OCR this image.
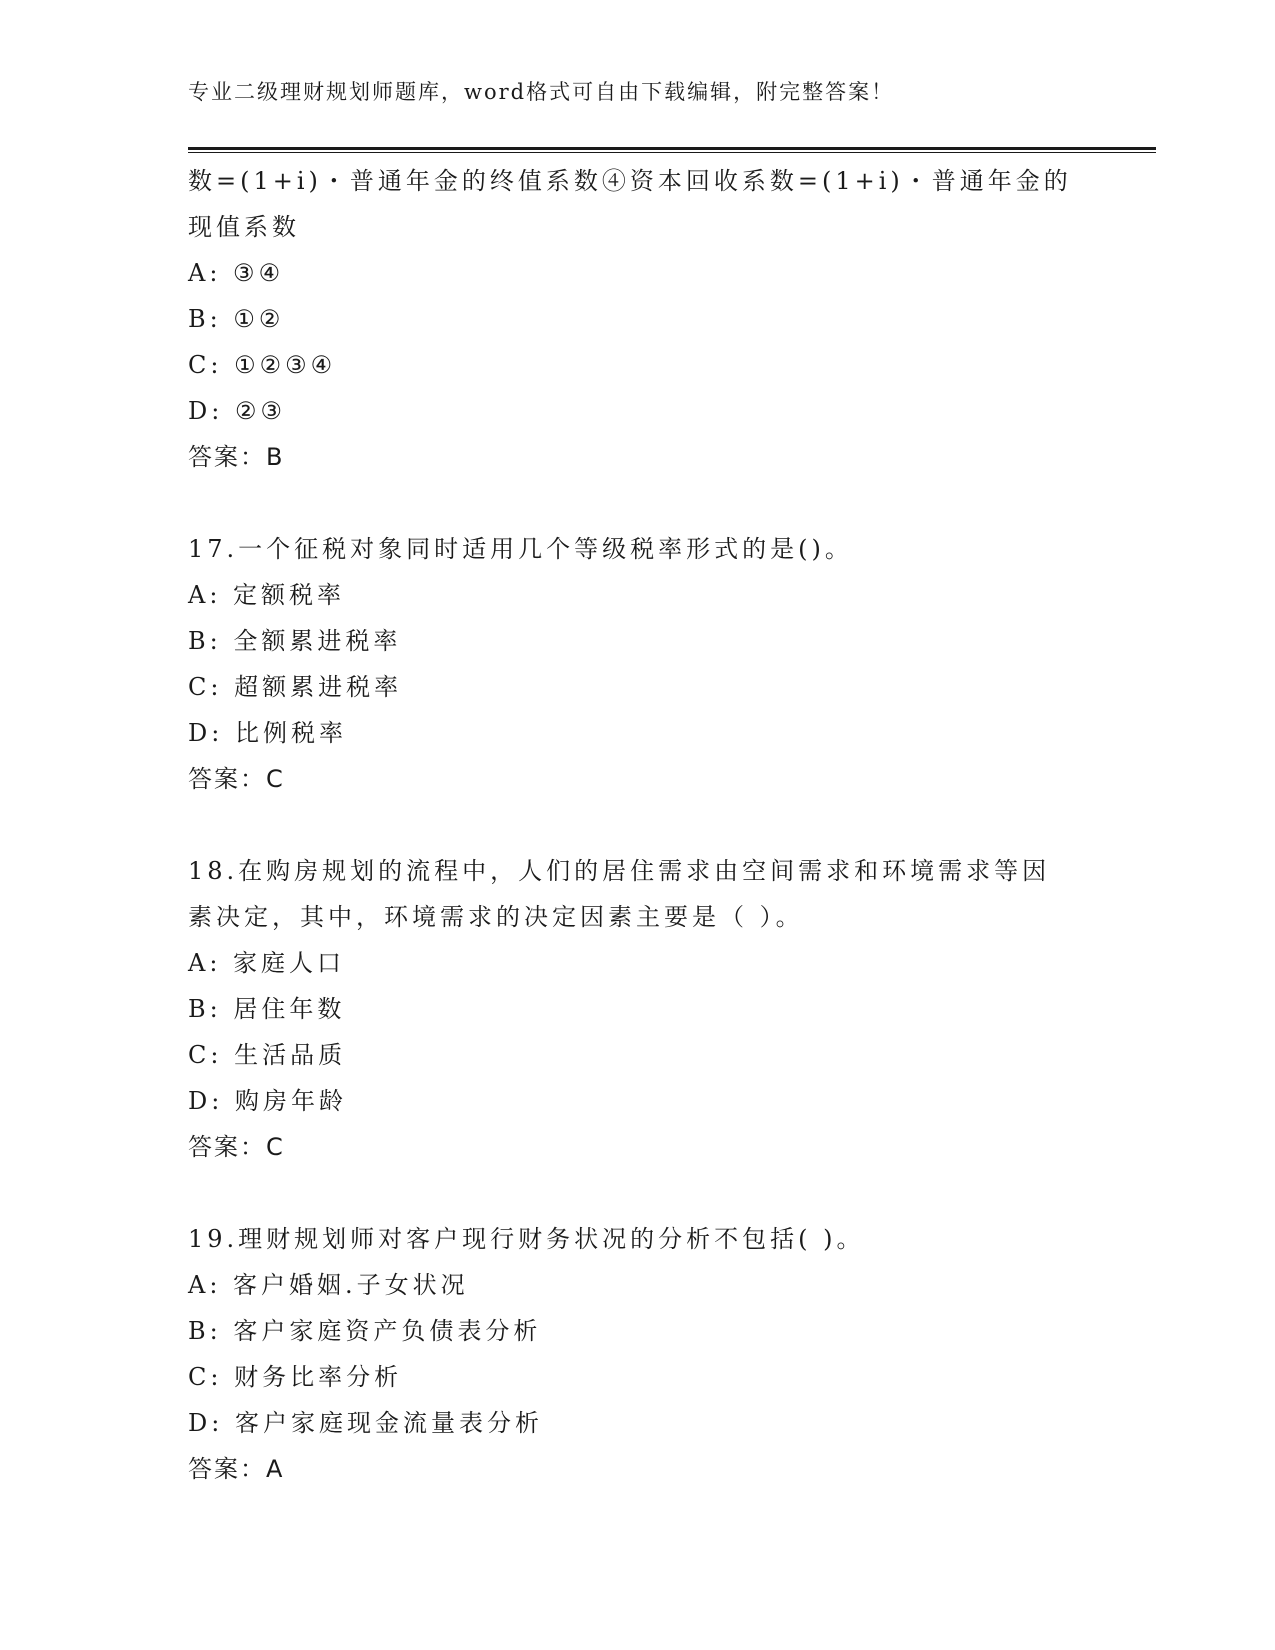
专业二级理财规划师题库，word格式可自由下载编辑，附完整答案！
数=(1+i)・普通年金的终值系数④资本回收系数=(1+i)・普通年金的
现值系数
A: ③④
B: ①②
C: ①②③④
D: ②③
答案：B
17.一个征税对象同时适用几个等级税率形式的是()。
A: 定额税率
B: 全额累进税率
C: 超额累进税率
D: 比例税率
答案：C
18.在购房规划的流程中，人们的居住需求由空间需求和环境需求等因
素决定，其中，环境需求的决定因素主要是（ ）。
A: 家庭人口
B: 居住年数
C: 生活品质
D: 购房年龄
答案：C
19.理财规划师对客户现行财务状况的分析不包括( )。
A: 客户婚姻.子女状况
B: 客户家庭资产负债表分析
C: 财务比率分析
D: 客户家庭现金流量表分析
答案：A
